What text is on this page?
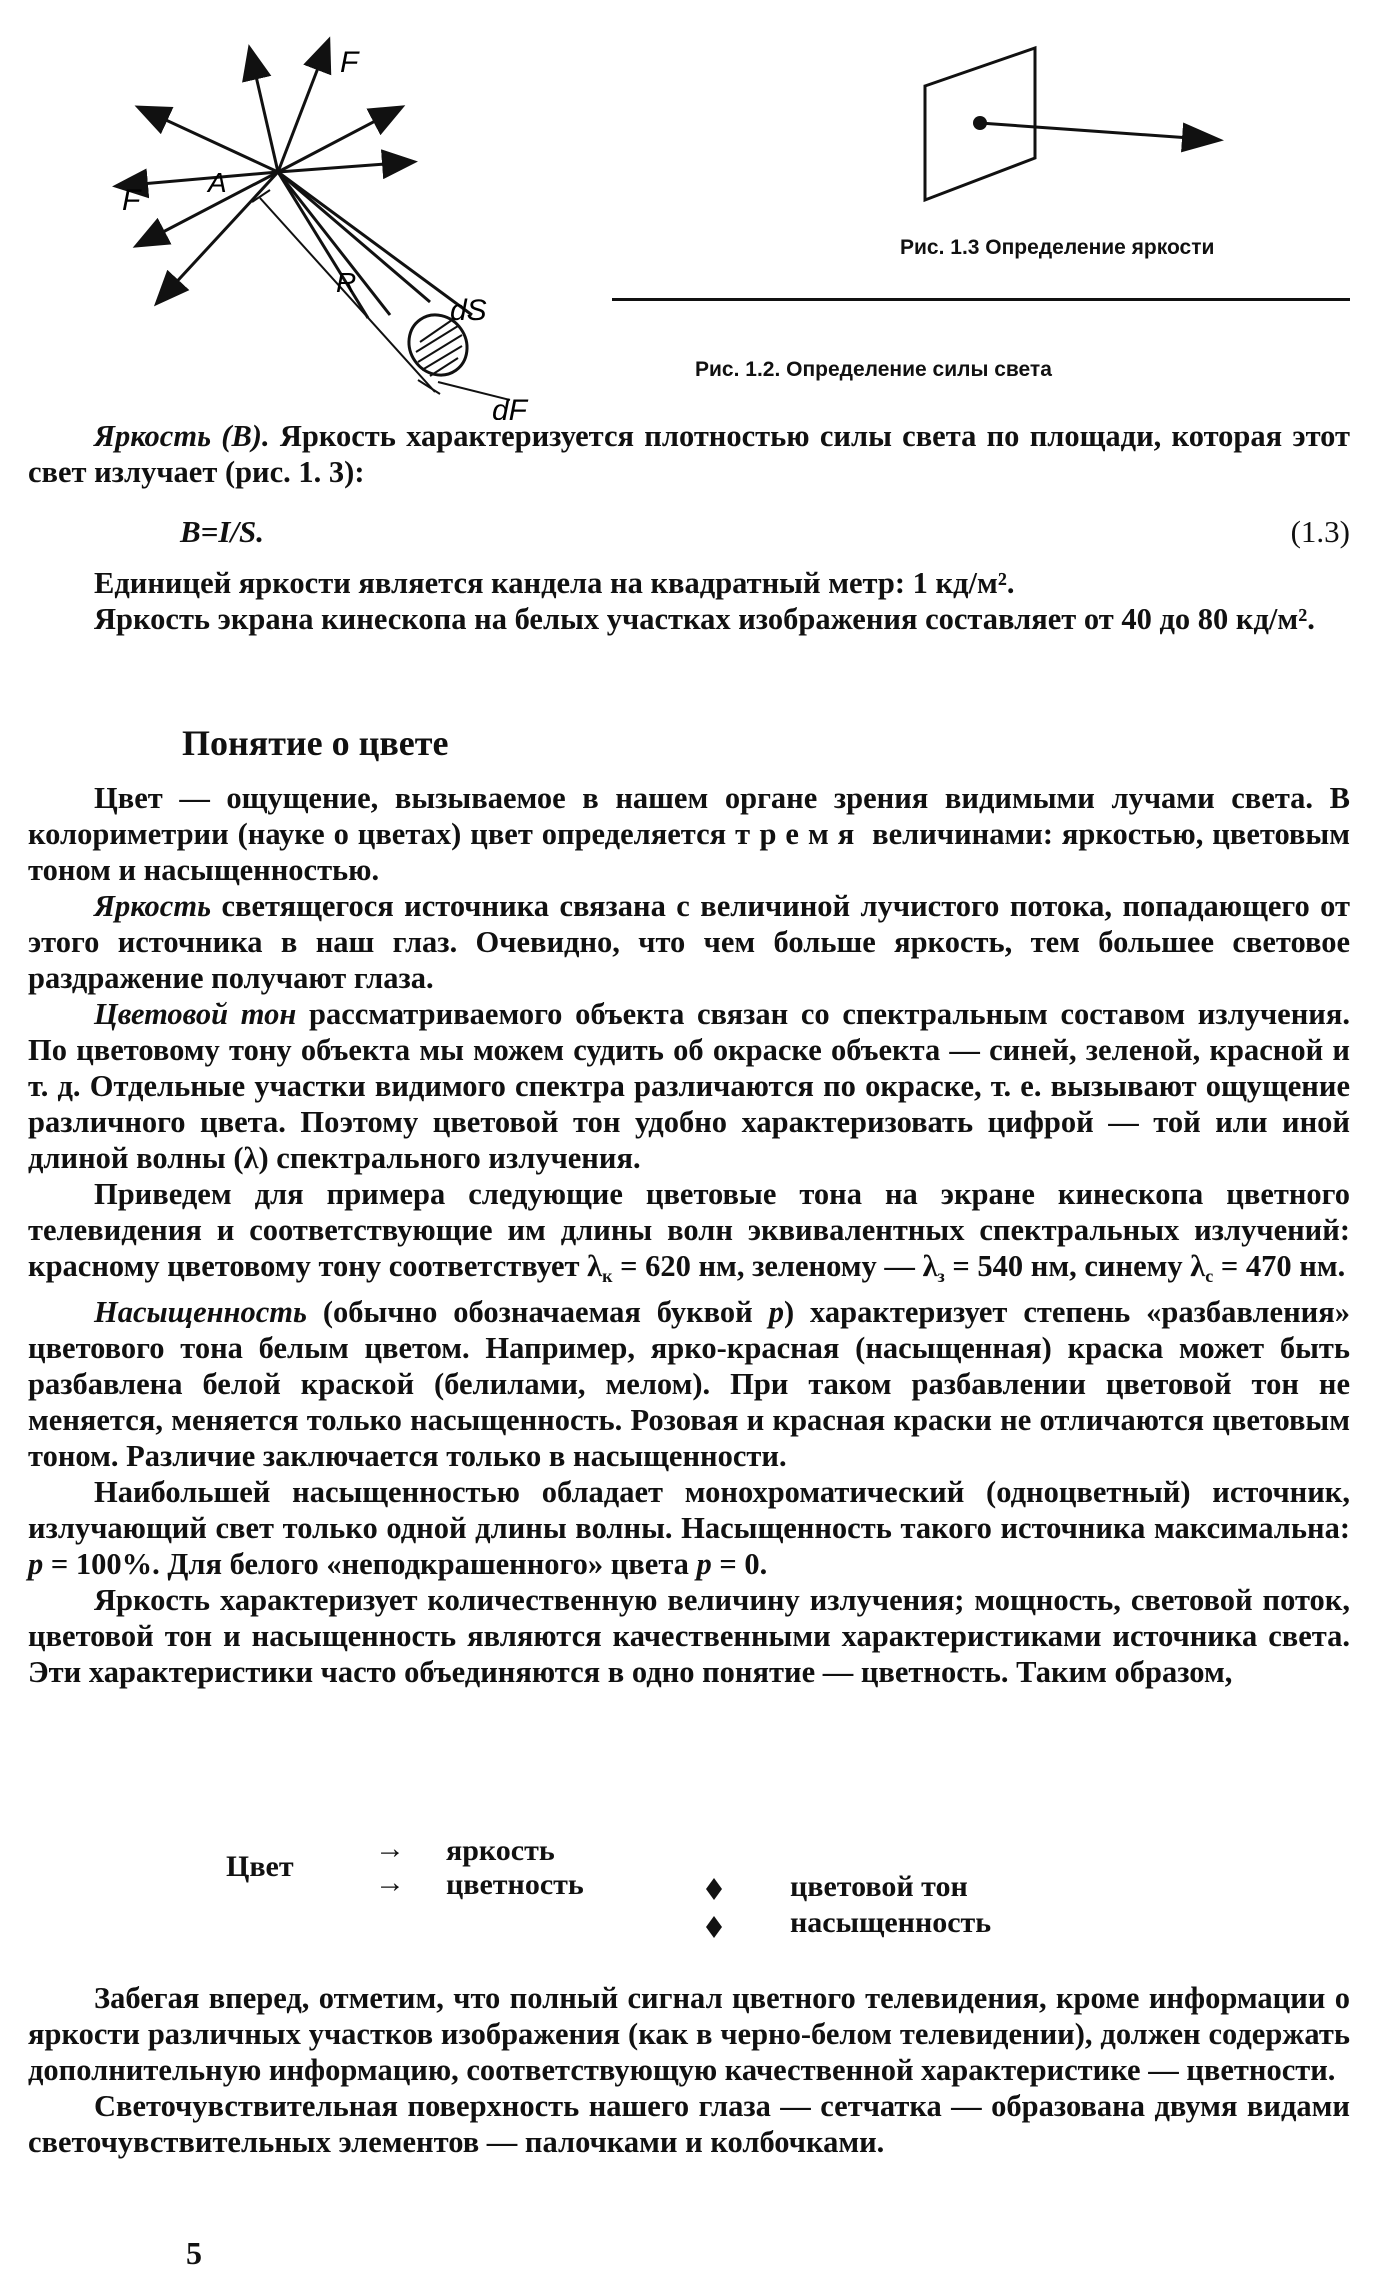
F
F
A
R
dS
dF
Рис. 1.2. Определение силы света
Рис. 1.3 Определение яркости

Яркость (В). Яркость характеризуется плотностью силы света по площади, которая этот свет излучает (рис. 1. 3):

B=I/S.	(1.3)

Единицей яркости является кандела на квадратный метр: 1 кд/м².

Яркость экрана кинескопа на белых участках изображения составляет от 40 до 80 кд/м².

Понятие о цвете

Цвет — ощущение, вызываемое в нашем органе зрения видимыми лучами света. В колориметрии (науке о цветах) цвет определяется тремя величинами: яркостью, цветовым тоном и насыщенностью.

Яркость светящегося источника связана с величиной лучистого потока, попадающего от этого источника в наш глаз. Очевидно, что чем больше яркость, тем большее световое раздражение получают глаза.

Цветовой тон рассматриваемого объекта связан со спектральным составом излучения. По цветовому тону объекта мы можем судить об окраске объекта — синей, зеленой, красной и т. д. Отдельные участки видимого спектра различаются по окраске, т. е. вызывают ощущение различного цвета. Поэтому цветовой тон удобно характеризовать цифрой — той или иной длиной волны (λ) спектрального излучения.

Приведем для примера следующие цветовые тона на экране кинескопа цветного телевидения и соответствующие им длины волн эквивалентных спектральных излучений: красному цветовому тону соответствует $\lambda_к = 620$ нм, зеленому — $\lambda_з = 540$ нм, синему $\lambda_с = 470$ нм.

Насыщенность (обычно обозначаемая буквой р) характеризует степень «разбавления» цветового тона белым цветом. Например, ярко-красная (насыщенная) краска может быть разбавлена белой краской (белилами, мелом). При таком разбавлении цветовой тон не меняется, меняется только насыщенность. Розовая и красная краски не отличаются цветовым тоном. Различие заключается только в насыщенности.

Наибольшей насыщенностью обладает монохроматический (одноцветный) источник, излучающий свет только одной длины волны. Насыщенность такого источника максимальна: р = 100%. Для белого «неподкрашенного» цвета р = 0.

Яркость характеризует количественную величину излучения; мощность, световой поток, цветовой тон и насыщенность являются качественными характеристиками источника света. Эти характеристики часто объединяются в одно понятие — цветность. Таким образом,

Цвет
→ яркость
→ цветность	цветовой тон
насыщенность

Забегая вперед, отметим, что полный сигнал цветного телевидения, кроме информации о яркости различных участков изображения (как в черно-белом телевидении), должен содержать дополнительную информацию, соответствующую качественной характеристике — цветности.

Светочувствительная поверхность нашего глаза — сетчатка — образована двумя видами светочувствительных элементов — палочками и колбочками.

5
